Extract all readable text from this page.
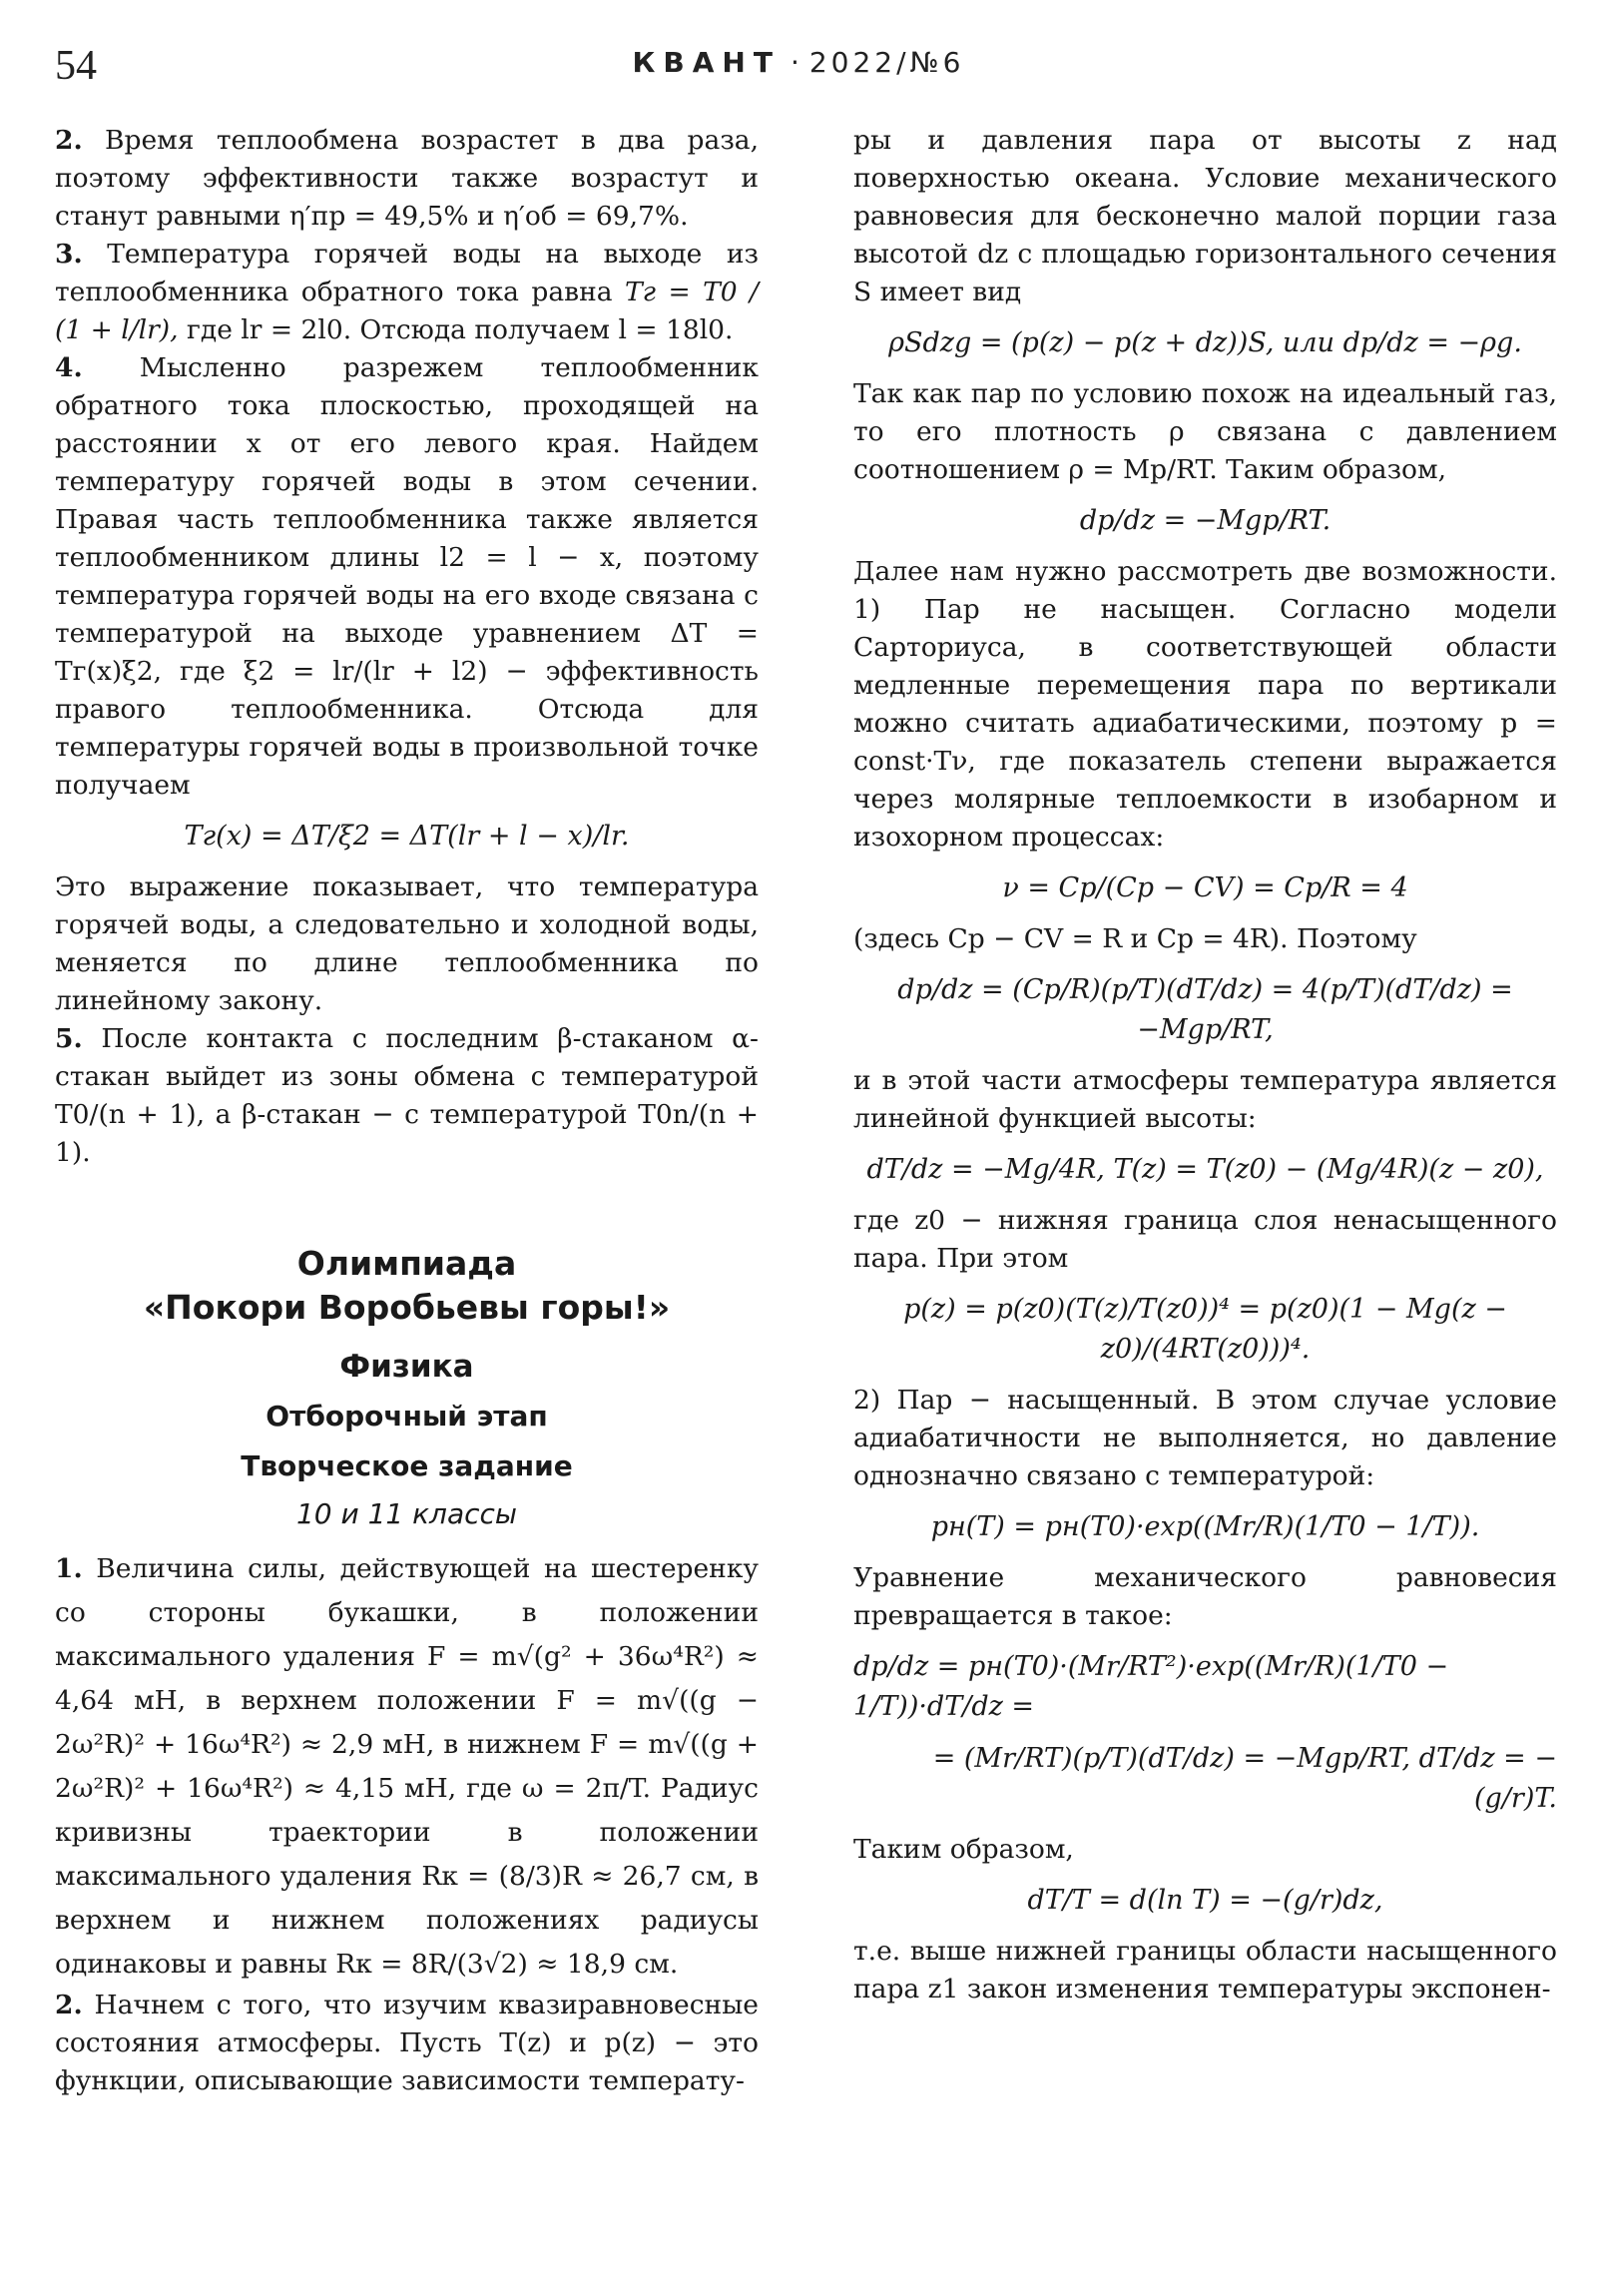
54	КВАНТ · 2022/№6

2. Время теплообмена возрастет в два раза, поэтому эффективности также возрастут и станут равными η′пр = 49,5% и η′об = 69,7%.

3. Температура горячей воды на выходе из теплообменника обратного тока равна Tг = T0 / (1 + l/lr), где lr = 2l0. Отсюда получаем l = 18l0.

4. Мысленно разрежем теплообменник обратного тока плоскостью, проходящей на расстоянии x от его левого края. Найдем температуру горячей воды в этом сечении. Правая часть теплообменника также является теплообменником длины l2 = l − x, поэтому температура горячей воды на его входе связана с температурой на выходе уравнением ΔT = Tг(x)ξ2, где ξ2 = lr/(lr + l2) − эффективность правого теплообменника. Отсюда для температуры горячей воды в произвольной точке получаем

Tг(x) = ΔT/ξ2 = ΔT(lr + l − x)/lr.

Это выражение показывает, что температура горячей воды, а следовательно и холодной воды, меняется по длине теплообменника по линейному закону.

5. После контакта с последним β-стаканом α-стакан выйдет из зоны обмена с температурой T0/(n + 1), а β-стакан − с температурой T0n/(n + 1).

Олимпиада
«Покори Воробьевы горы!»
Физика
Отборочный этап
Творческое задание
10 и 11 классы

1. Величина силы, действующей на шестеренку со стороны букашки, в положении максимального удаления F = m√(g² + 36ω⁴R²) ≈ 4,64 мН, в верхнем положении F = m√((g − 2ω²R)² + 16ω⁴R²) ≈ 2,9 мН, в нижнем F = m√((g + 2ω²R)² + 16ω⁴R²) ≈ 4,15 мН, где ω = 2π/T. Радиус кривизны траектории в положении максимального удаления Rк = (8/3)R ≈ 26,7 см, в верхнем и нижнем положениях радиусы одинаковы и равны Rк = 8R/(3√2) ≈ 18,9 см.

2. Начнем с того, что изучим квазиравновесные состояния атмосферы. Пусть T(z) и p(z) − это функции, описывающие зависимости температу-

ры и давления пара от высоты z над поверхностью океана. Условие механического равновесия для бесконечно малой порции газа высотой dz с площадью горизонтального сечения S имеет вид

ρSdzg = (p(z) − p(z + dz))S, или dp/dz = −ρg.

Так как пар по условию похож на идеальный газ, то его плотность ρ связана с давлением соотношением ρ = Mp/RT. Таким образом,

dp/dz = −Mgp/RT.

Далее нам нужно рассмотреть две возможности. 1) Пар не насыщен. Согласно модели Сарториуса, в соответствующей области медленные перемещения пара по вертикали можно считать адиабатическими, поэтому p = const·Tν, где показатель степени выражается через молярные теплоемкости в изобарном и изохорном процессах:

ν = Cp/(Cp − CV) = Cp/R = 4

(здесь Cp − CV = R и Cp = 4R). Поэтому

dp/dz = (Cp/R)(p/T)(dT/dz) = 4(p/T)(dT/dz) = −Mgp/RT,

и в этой части атмосферы температура является линейной функцией высоты:

dT/dz = −Mg/4R, T(z) = T(z0) − (Mg/4R)(z − z0),

где z0 − нижняя граница слоя ненасыщенного пара. При этом

p(z) = p(z0)(T(z)/T(z0))⁴ = p(z0)(1 − Mg(z − z0)/(4RT(z0)))⁴.

2) Пар − насыщенный. В этом случае условие адиабатичности не выполняется, но давление однозначно связано с температурой:

pн(T) = pн(T0)·exp((Mr/R)(1/T0 − 1/T)).

Уравнение механического равновесия превращается в такое:

dp/dz = pн(T0)·(Mr/RT²)·exp((Mr/R)(1/T0 − 1/T))·dT/dz =
= (Mr/RT)(p/T)(dT/dz) = −Mgp/RT, dT/dz = −(g/r)T.

Таким образом,

dT/T = d(ln T) = −(g/r)dz,

т.е. выше нижней границы области насыщенного пара z1 закон изменения температуры экспонен-
